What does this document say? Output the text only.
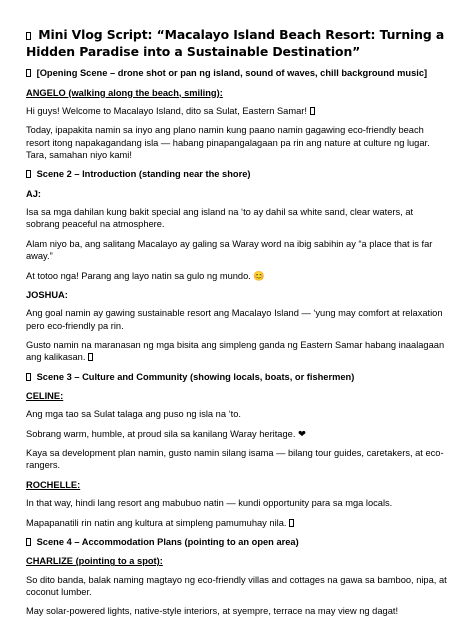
Mini Vlog Script: “Macalayo Island Beach Resort: Turning a Hidden Paradise into a Sustainable Destination”
[Opening Scene – drone shot or pan ng island, sound of waves, chill background music]
ANGELO (walking along the beach, smiling):
Hi guys! Welcome to Macalayo Island, dito sa Sulat, Eastern Samar!
Today, ipapakita namin sa inyo ang plano namin kung paano namin gagawing eco-friendly beach resort itong napakagandang isla — habang pinapangalagaan pa rin ang nature at culture ng lugar. Tara, samahan niyo kami!
Scene 2 – Introduction (standing near the shore)
AJ:
Isa sa mga dahilan kung bakit special ang island na ‘to ay dahil sa white sand, clear waters, at sobrang peaceful na atmosphere.
Alam niyo ba, ang salitang Macalayo ay galing sa Waray word na ibig sabihin ay “a place that is far away.”
At totoo nga! Parang ang layo natin sa gulo ng mundo. 😊
JOSHUA:
Ang goal namin ay gawing sustainable resort ang Macalayo Island — ‘yung may comfort at relaxation pero eco-friendly pa rin.
Gusto namin na maranasan ng mga bisita ang simpleng ganda ng Eastern Samar habang inaalagaan ang kalikasan.
Scene 3 – Culture and Community (showing locals, boats, or fishermen)
CELINE:
Ang mga tao sa Sulat talaga ang puso ng isla na ‘to.
Sobrang warm, humble, at proud sila sa kanilang Waray heritage. ❤
Kaya sa development plan namin, gusto namin silang isama — bilang tour guides, caretakers, at eco-rangers.
ROCHELLE:
In that way, hindi lang resort ang mabubuo natin — kundi opportunity para sa mga locals.
Mapapanatili rin natin ang kultura at simpleng pamumuhay nila.
Scene 4 – Accommodation Plans (pointing to an open area)
CHARLIZE (pointing to a spot):
So dito banda, balak naming magtayo ng eco-friendly villas and cottages na gawa sa bamboo, nipa, at coconut lumber.
May solar-powered lights, native-style interiors, at syempre, terrace na may view ng dagat!
